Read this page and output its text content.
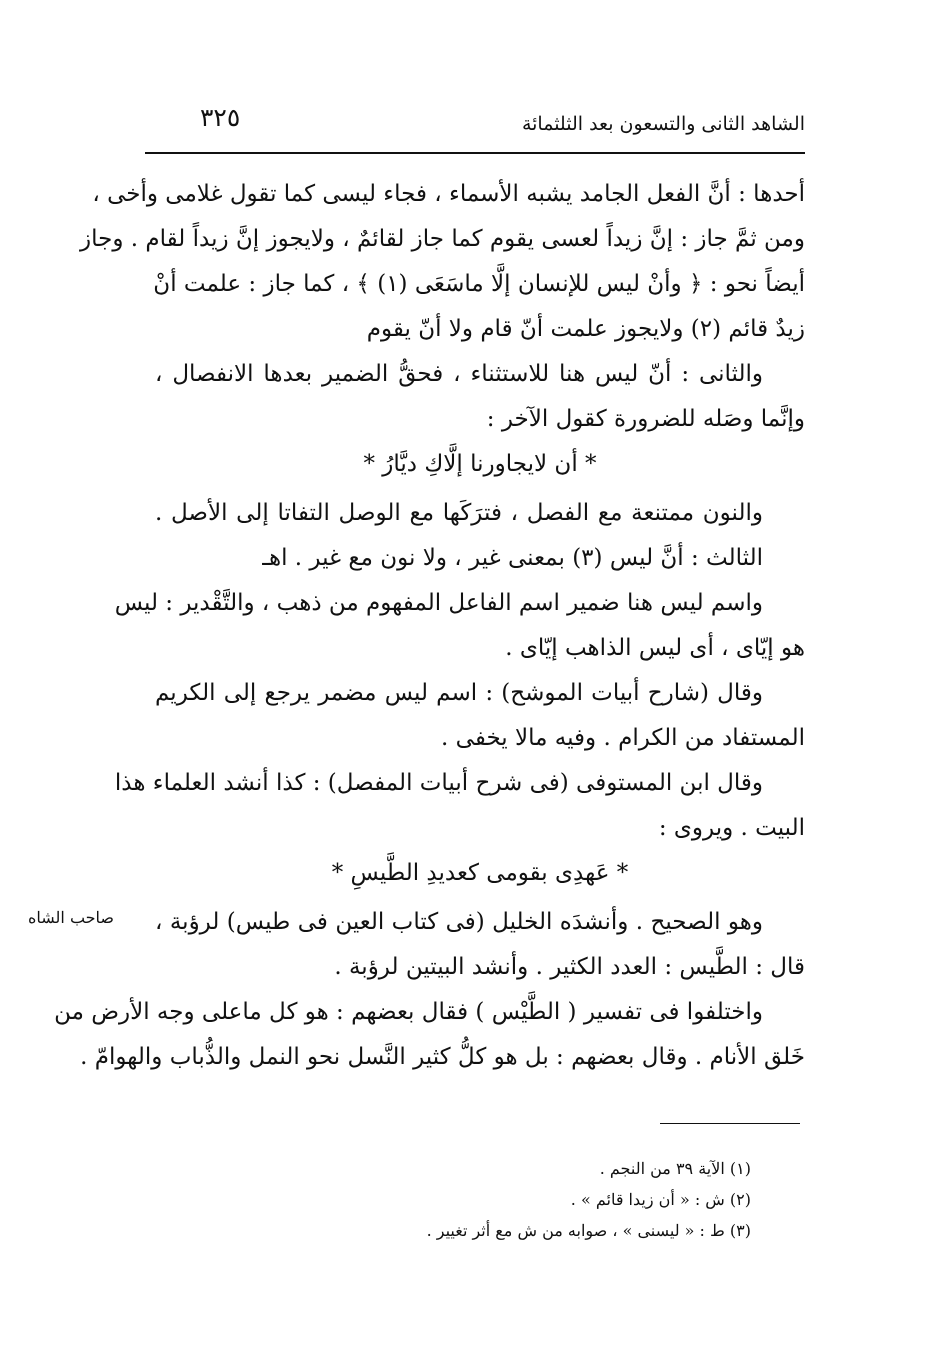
الشاهد الثانى والتسعون بعد الثلثمائة
٣٢٥
أحدها : أنَّ الفعل الجامد يشبه الأسماء ، فجاء ليسى كما تقول غلامى وأخى ،
ومن ثمَّ جاز : إنَّ زيداً لعسى يقوم كما جاز لقائمٌ ، ولايجوز إنَّ زيداً لقام . وجاز
أيضاً نحو : ﴿ وأنْ ليس للإنسان إلَّا ماسَعَى (١) ﴾ ، كما جاز : علمت أنْ
زيدٌ قائم (٢) ولايجوز علمت أنّ قام ولا أنّ يقوم
والثانى : أنّ ليس هنا للاستثناء ، فحقُّ الضمير بعدها الانفصال ،
وإنَّما وصَله للضرورة كقول الآخر :
* أن لايجاورنا إلَّاكِ ديَّارُ *
والنون ممتنعة مع الفصل ، فترَكَها مع الوصل التفاتا إلى الأصل .
الثالث : أنَّ ليس (٣) بمعنى غير ، ولا نون مع غير . اهـ
واسم ليس هنا ضمير اسم الفاعل المفهوم من ذهب ، والتَّقْدير : ليس
هو إيّاى ، أى ليس الذاهب إيّاى .
وقال (شارح أبيات الموشح) : اسم ليس مضمر يرجع إلى الكريم
المستفاد من الكرام . وفيه مالا يخفى .
وقال ابن المستوفى (فى شرح أبيات المفصل) : كذا أنشد العلماء هذا
البيت . ويروى :
* عَهدِى بقومى كعديدِ الطَّيسِ *
وهو الصحيح . وأنشدَه الخليل (فى كتاب العين فى طيس) لرؤبة ،
قال : الطَّيس : العدد الكثير . وأنشد البيتين لرؤبة .
واختلفوا فى تفسير ( الطَّيْس ) فقال بعضهم : هو كل ماعلى وجه الأرض من
خَلق الأنام . وقال بعضهم : بل هو كلُّ كثير النَّسل نحو النمل والذُّباب والهوامّ .
صاحب الشاه
(١) الآية ٣٩ من النجم .
(٢) ش : « أن زيدا قائم » .
(٣) ط : « ليسنى » ، صوابه من ش مع أثر تغيير .
